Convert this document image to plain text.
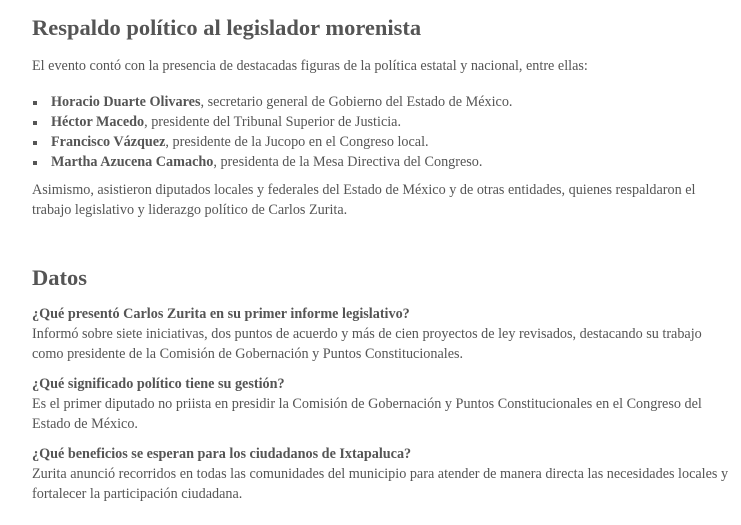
Respaldo político al legislador morenista

El evento contó con la presencia de destacadas figuras de la política estatal y nacional, entre ellas:

Horacio Duarte Olivares, secretario general de Gobierno del Estado de México.
Héctor Macedo, presidente del Tribunal Superior de Justicia.
Francisco Vázquez, presidente de la Jucopo en el Congreso local.
Martha Azucena Camacho, presidenta de la Mesa Directiva del Congreso.

Asimismo, asistieron diputados locales y federales del Estado de México y de otras entidades, quienes respaldaron el trabajo legislativo y liderazgo político de Carlos Zurita.

Datos
¿Qué presentó Carlos Zurita en su primer informe legislativo?
Informó sobre siete iniciativas, dos puntos de acuerdo y más de cien proyectos de ley revisados, destacando su trabajo como presidente de la Comisión de Gobernación y Puntos Constitucionales.
¿Qué significado político tiene su gestión?
Es el primer diputado no priista en presidir la Comisión de Gobernación y Puntos Constitucionales en el Congreso del Estado de México.
¿Qué beneficios se esperan para los ciudadanos de Ixtapaluca?
Zurita anunció recorridos en todas las comunidades del municipio para atender de manera directa las necesidades locales y fortalecer la participación ciudadana.
